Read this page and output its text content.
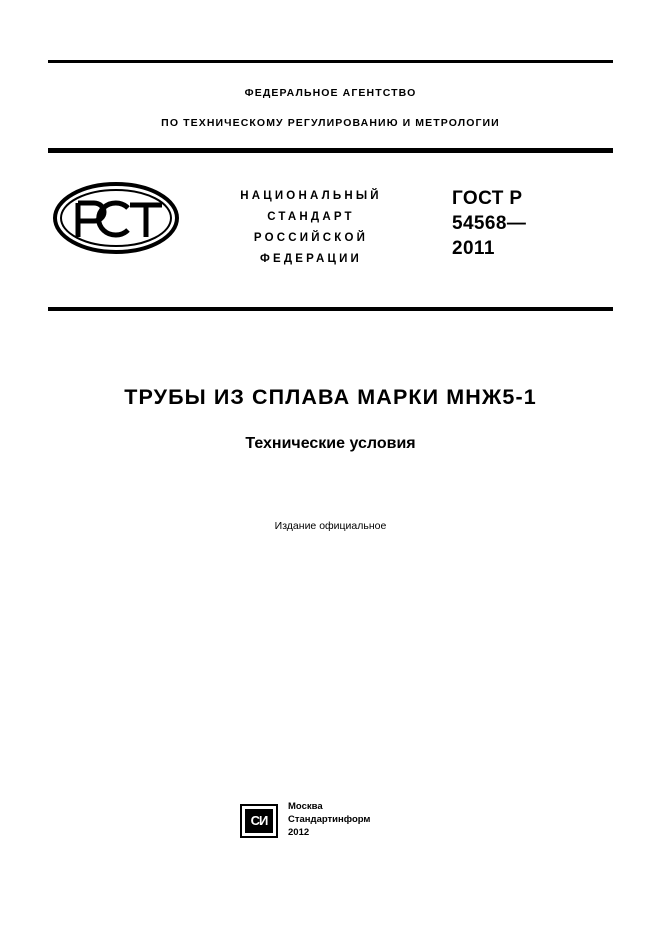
ФЕДЕРАЛЬНОЕ АГЕНТСТВО
ПО ТЕХНИЧЕСКОМУ РЕГУЛИРОВАНИЮ И МЕТРОЛОГИИ
НАЦИОНАЛЬНЫЙ
СТАНДАРТ
РОССИЙСКОЙ
ФЕДЕРАЦИИ
ГОСТ Р
54568—
2011
ТРУБЫ ИЗ СПЛАВА МАРКИ МНЖ5-1
Технические условия
Издание официальное
СИ
Москва
Стандартинформ
2012
